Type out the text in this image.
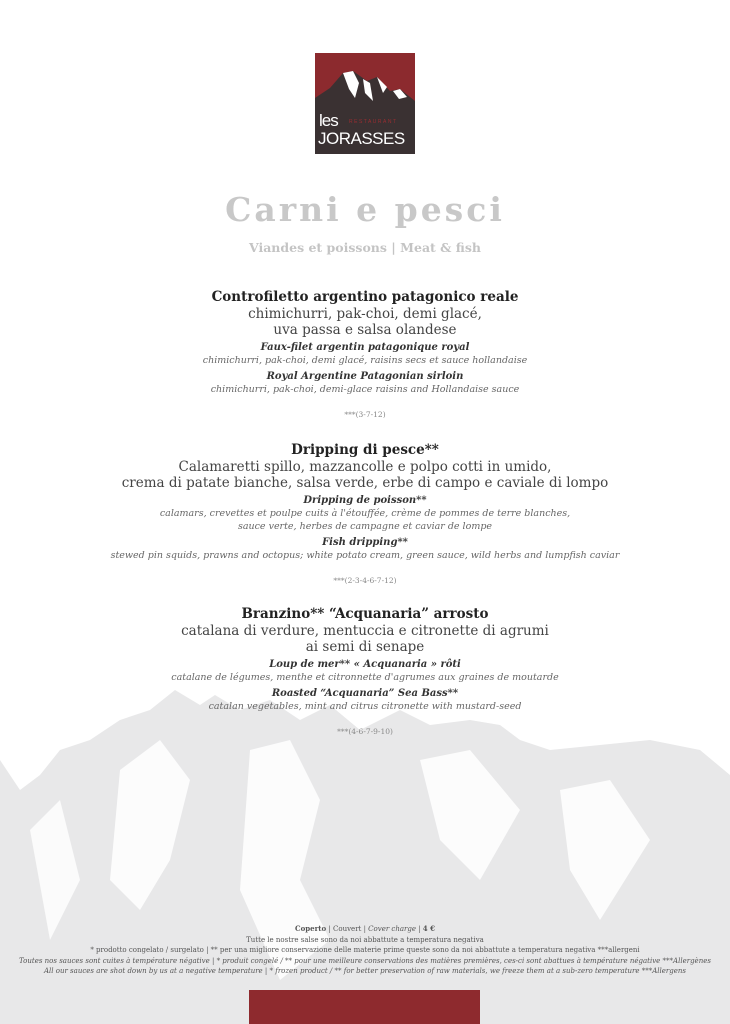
les RESTAURANT
JORASSES
Carni e pesci
Viandes et poissons | Meat & fish
Controfiletto argentino patagonico reale
chimichurri, pak-choi, demi glacé,
uva passa e salsa olandese
Faux-filet argentin patagonique royal
chimichurri, pak-choi, demi glacé, raisins secs et sauce hollandaise
Royal Argentine Patagonian sirloin
chimichurri, pak-choi, demi-glace raisins and Hollandaise sauce
***(3-7-12)
Dripping di pesce**
Calamaretti spillo, mazzancolle e polpo cotti in umido,
crema di patate bianche, salsa verde, erbe di campo e caviale di lompo
Dripping de poisson**
calamars, crevettes et poulpe cuits à l'étouffée, crème de pommes de terre blanches,
sauce verte, herbes de campagne et caviar de lompe
Fish dripping**
stewed pin squids, prawns and octopus; white potato cream, green sauce, wild herbs and lumpfish caviar
***(2-3-4-6-7-12)
Branzino** “Acquanaria” arrosto
catalana di verdure, mentuccia e citronette di agrumi
ai semi di senape
Loup de mer** « Acquanaria » rôti
catalane de légumes, menthe et citronnette d'agrumes aux graines de moutarde
Roasted “Acquanaria” Sea Bass**
catalan vegetables, mint and citrus citronette with mustard-seed
***(4-6-7-9-10)
Coperto | Couvert | Cover charge | 4 €
Tutte le nostre salse sono da noi abbattute a temperatura negativa
* prodotto congelato / surgelato | ** per una migliore conservazione delle materie prime queste sono da noi abbattute a temperatura negativa ***allergeni
Toutes nos sauces sont cuites à température négative | * produit congelé / ** pour une meilleure conservations des matières premières, ces-ci sont abattues à température négative ***Allergènes
All our sauces are shot down by us at a negative temperature | * frozen product / ** for better preservation of raw materials, we freeze them at a sub-zero temperature ***Allergens
